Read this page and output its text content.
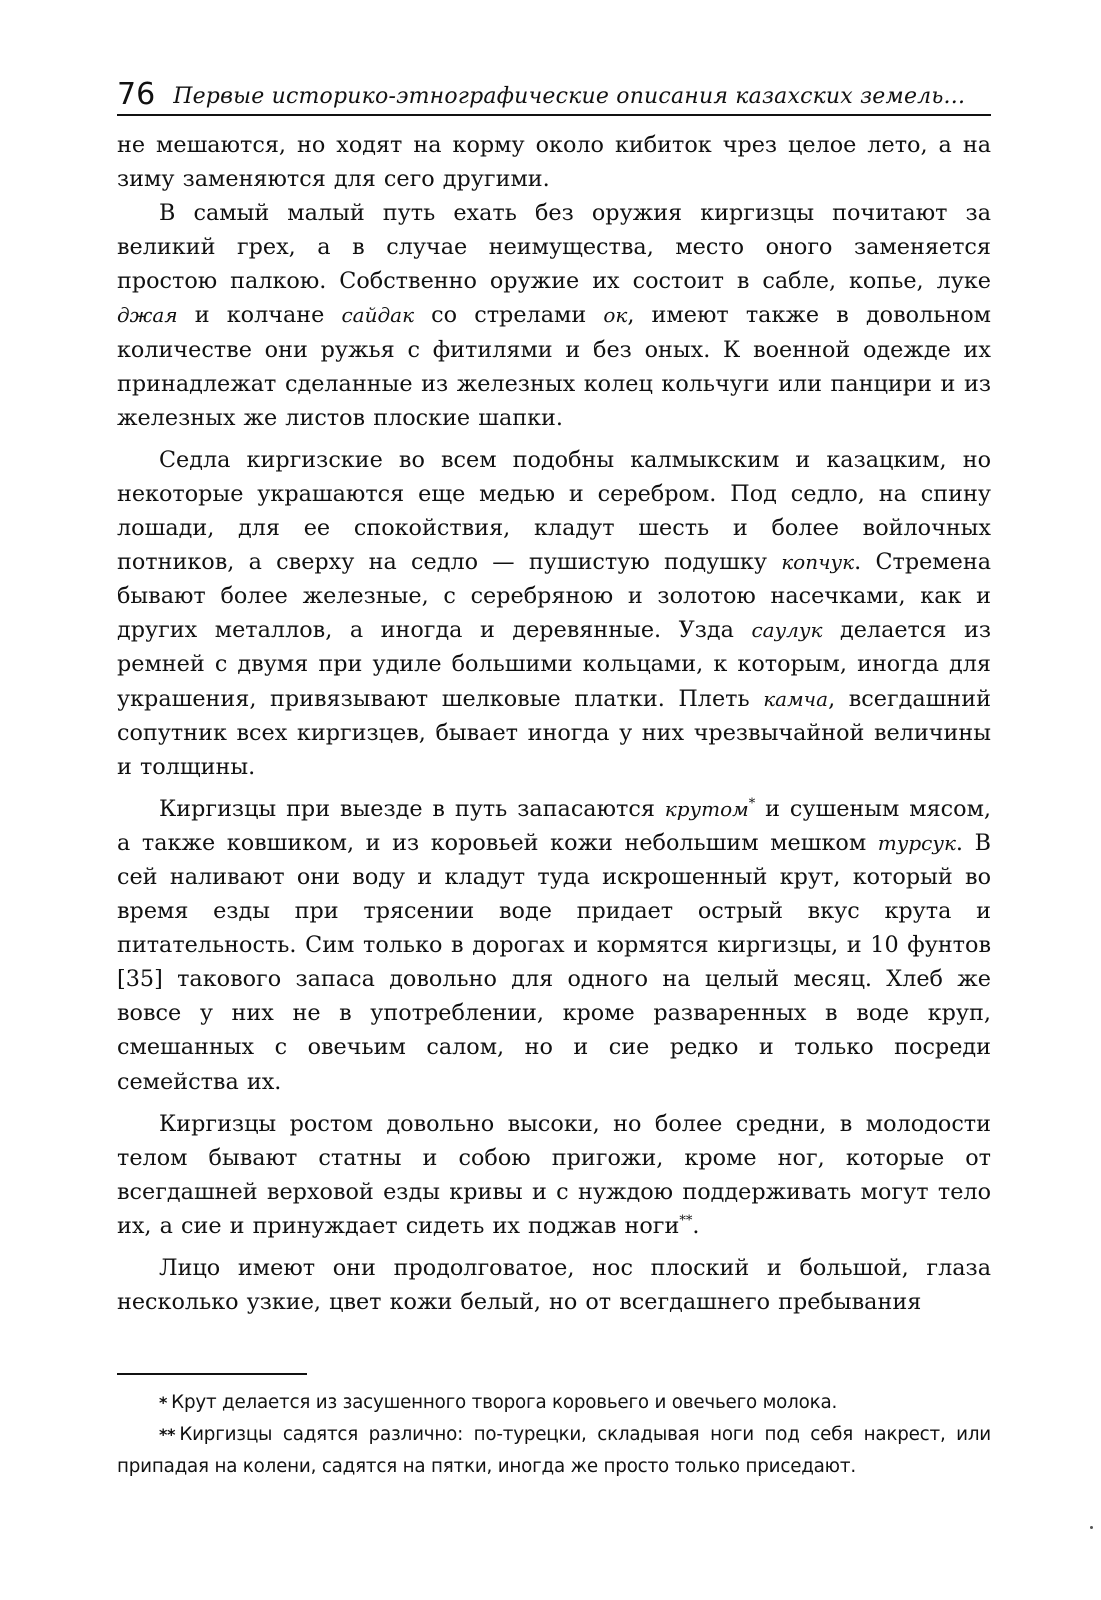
76 Первые историко-этнографические описания казахских земель...

не мешаются, но ходят на корму около кибиток чрез целое лето, а на зиму заменяются для сего другими.

В самый малый путь ехать без оружия киргизцы почитают за великий грех, а в случае неимущества, место оного заменяется простою палкою. Собственно оружие их состоит в сабле, копье, луке джая и колчане сайдак со стрелами ок, имеют также в довольном количестве они ружья с фитилями и без оных. К военной одежде их принадлежат сделанные из железных колец кольчуги или панцири и из железных же листов плоские шапки.

Седла киргизские во всем подобны калмыкским и казацким, но некоторые украшаются еще медью и серебром. Под седло, на спину лошади, для ее спокойствия, кладут шесть и более войлочных потников, а сверху на седло — пушистую подушку копчук. Стремена бывают более железные, с серебряною и золотою насечками, как и других металлов, а иногда и деревянные. Узда саулук делается из ремней с двумя при удиле большими кольцами, к которым, иногда для украшения, привязывают шелковые платки. Плеть камча, всегдашний сопутник всех киргизцев, бывает иногда у них чрезвычайной величины и толщины.

Киргизцы при выезде в путь запасаются крутом* и сушеным мясом, а также ковшиком, и из коровьей кожи небольшим мешком турсук. В сей наливают они воду и кладут туда искрошенный крут, который во время езды при трясении воде придает острый вкус крута и питательность. Сим только в дорогах и кормятся киргизцы, и 10 фунтов [35] такового запаса довольно для одного на целый месяц. Хлеб же вовсе у них не в употреблении, кроме разваренных в воде круп, смешанных с овечьим салом, но и сие редко и только посреди семейства их.

Киргизцы ростом довольно высоки, но более средни, в молодости телом бывают статны и собою пригожи, кроме ног, которые от всегдашней верховой езды кривы и с нуждою поддерживать могут тело их, а сие и принуждает сидеть их поджав ноги**.

Лицо имеют они продолговатое, нос плоский и большой, глаза несколько узкие, цвет кожи белый, но от всегдашнего пребывания

* Крут делается из засушенного творога коровьего и овечьего молока.

** Киргизцы садятся различно: по-турецки, складывая ноги под себя накрест, или припадая на колени, садятся на пятки, иногда же просто только приседают.
